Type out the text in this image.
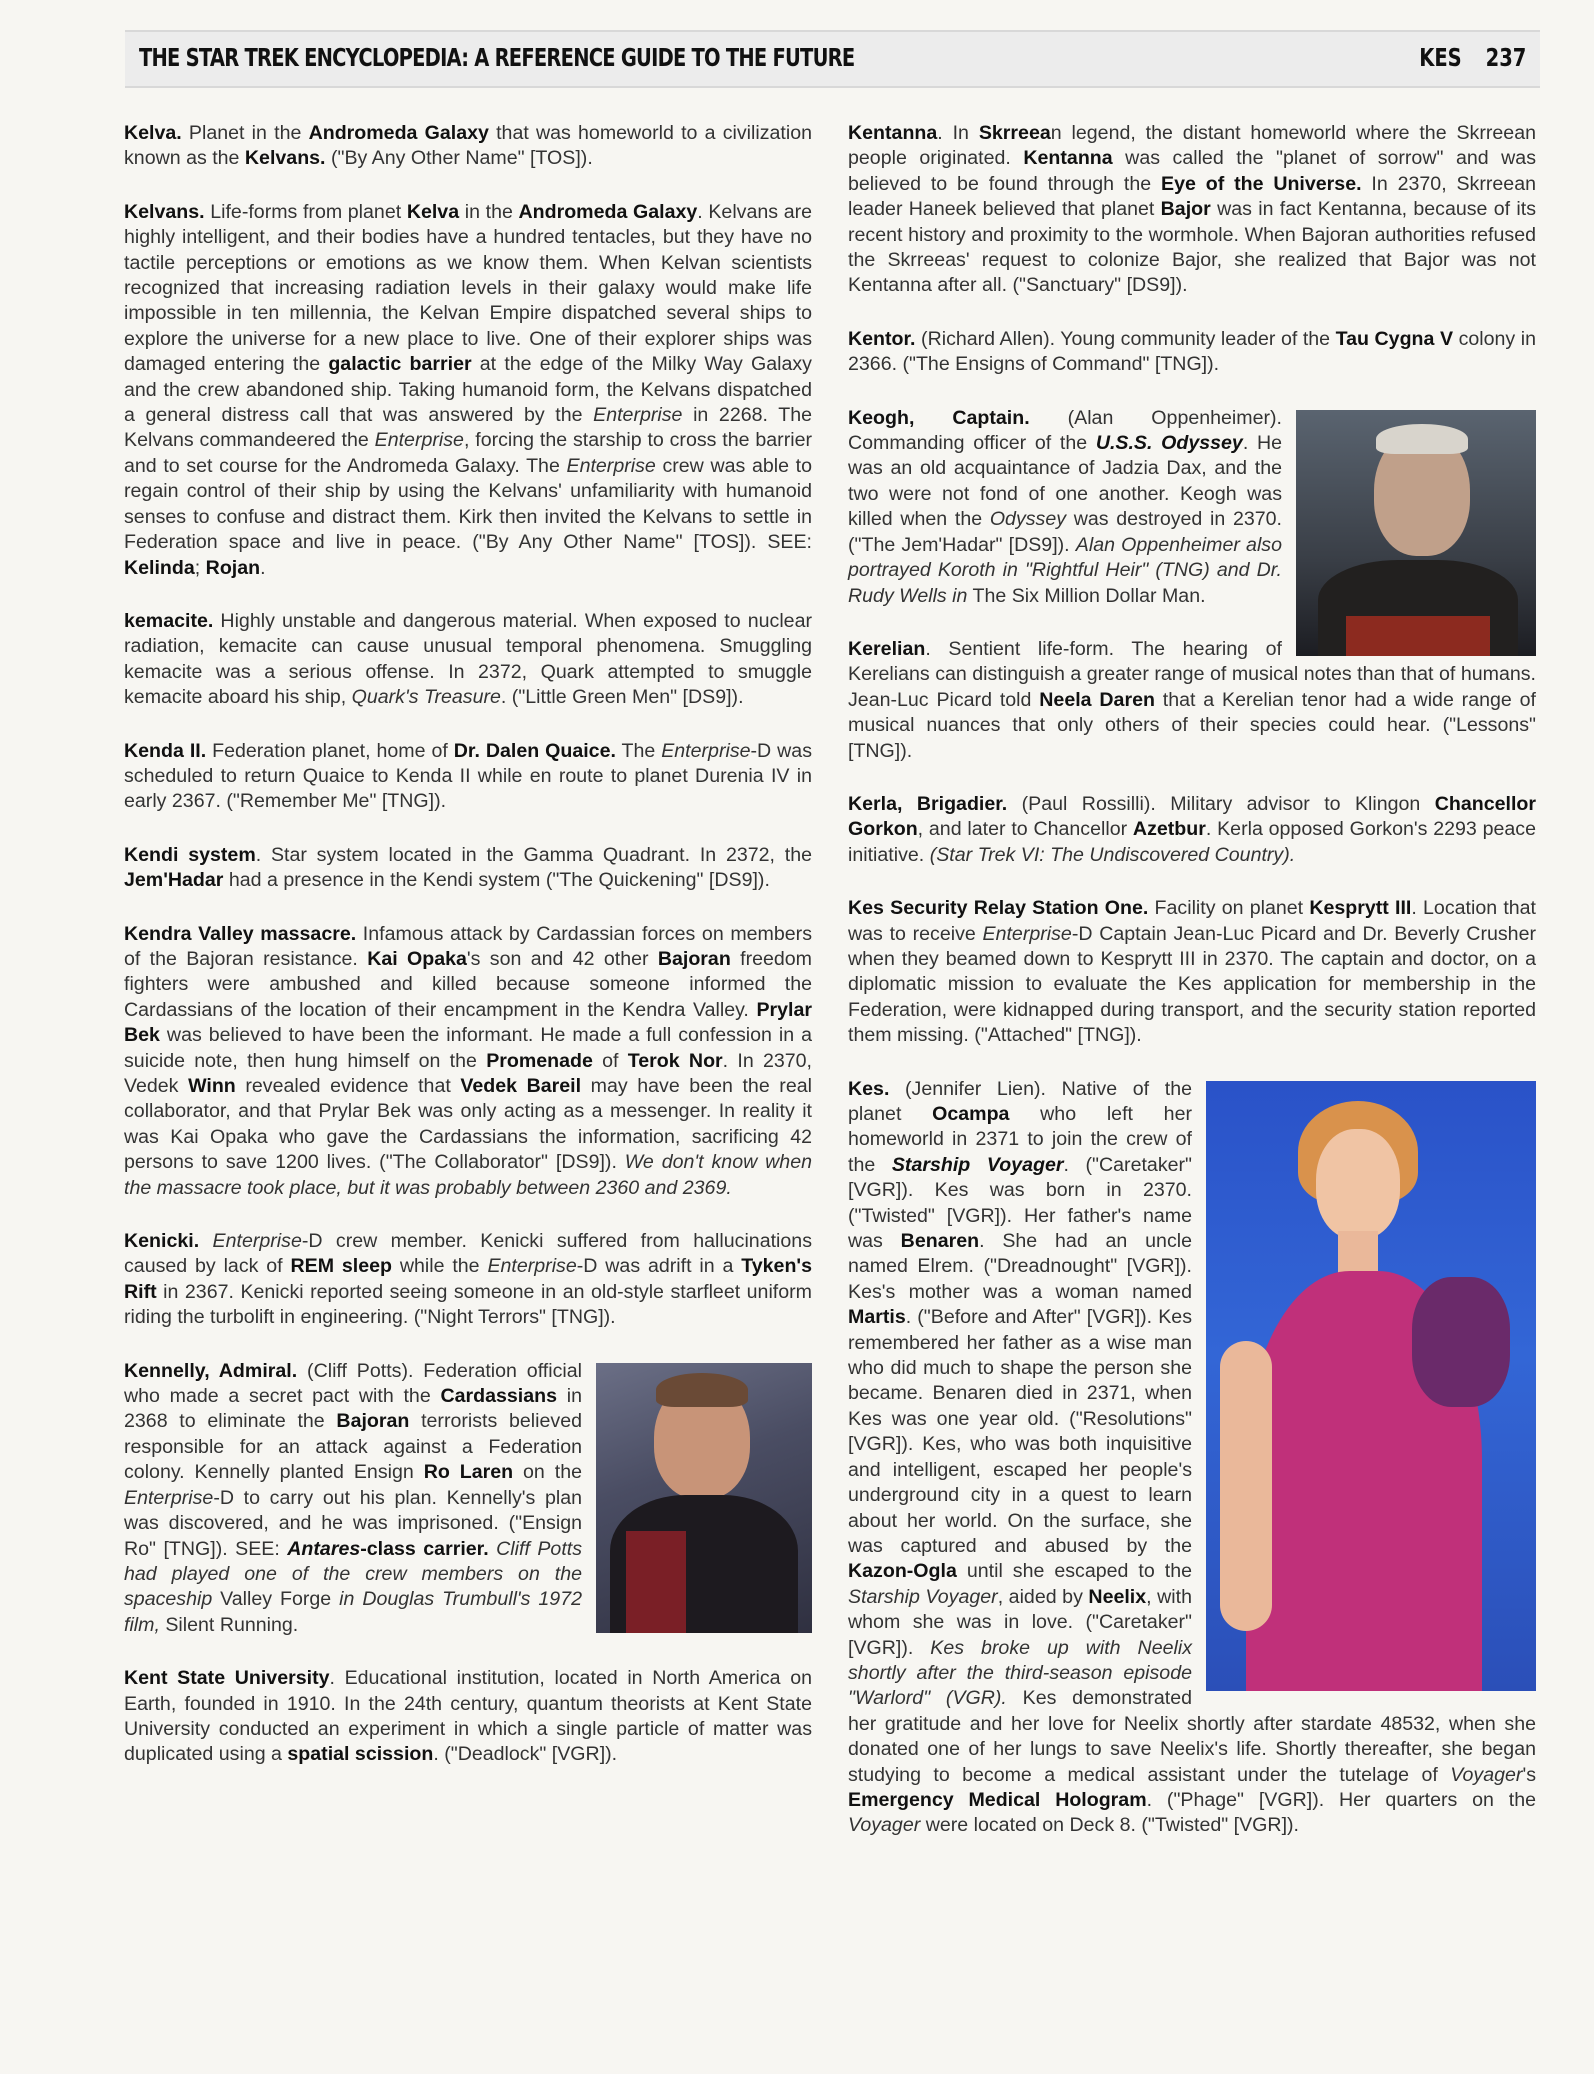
THE STAR TREK ENCYCLOPEDIA: A REFERENCE GUIDE TO THE FUTURE	KES 237

Kelva. Planet in the Andromeda Galaxy that was homeworld to a civilization known as the Kelvans. ("By Any Other Name" [TOS]).

Kelvans. Life-forms from planet Kelva in the Andromeda Galaxy. Kelvans are highly intelligent, and their bodies have a hundred tentacles, but they have no tactile perceptions or emotions as we know them. When Kelvan scientists recognized that increasing radiation levels in their galaxy would make life impossible in ten millennia, the Kelvan Empire dispatched several ships to explore the universe for a new place to live. One of their explorer ships was damaged entering the galactic barrier at the edge of the Milky Way Galaxy and the crew abandoned ship. Taking humanoid form, the Kelvans dispatched a general distress call that was answered by the Enterprise in 2268. The Kelvans commandeered the Enterprise, forcing the starship to cross the barrier and to set course for the Andromeda Galaxy. The Enterprise crew was able to regain control of their ship by using the Kelvans' unfamiliarity with humanoid senses to confuse and distract them. Kirk then invited the Kelvans to settle in Federation space and live in peace. ("By Any Other Name" [TOS]). SEE: Kelinda; Rojan.

kemacite. Highly unstable and dangerous material. When exposed to nuclear radiation, kemacite can cause unusual temporal phenomena. Smuggling kemacite was a serious offense. In 2372, Quark attempted to smuggle kemacite aboard his ship, Quark's Treasure. ("Little Green Men" [DS9]).

Kenda II. Federation planet, home of Dr. Dalen Quaice. The Enterprise-D was scheduled to return Quaice to Kenda II while en route to planet Durenia IV in early 2367. ("Remember Me" [TNG]).

Kendi system. Star system located in the Gamma Quadrant. In 2372, the Jem'Hadar had a presence in the Kendi system ("The Quickening" [DS9]).

Kendra Valley massacre. Infamous attack by Cardassian forces on members of the Bajoran resistance. Kai Opaka's son and 42 other Bajoran freedom fighters were ambushed and killed because someone informed the Cardassians of the location of their encampment in the Kendra Valley. Prylar Bek was believed to have been the informant. He made a full confession in a suicide note, then hung himself on the Promenade of Terok Nor. In 2370, Vedek Winn revealed evidence that Vedek Bareil may have been the real collaborator, and that Prylar Bek was only acting as a messenger. In reality it was Kai Opaka who gave the Cardassians the information, sacrificing 42 persons to save 1200 lives. ("The Collaborator" [DS9]). We don't know when the massacre took place, but it was probably between 2360 and 2369.

Kenicki. Enterprise-D crew member. Kenicki suffered from hallucinations caused by lack of REM sleep while the Enterprise-D was adrift in a Tyken's Rift in 2367. Kenicki reported seeing someone in an old-style starfleet uniform riding the turbolift in engineering. ("Night Terrors" [TNG]).

Kennelly, Admiral. (Cliff Potts). Federation official who made a secret pact with the Cardassians in 2368 to eliminate the Bajoran terrorists believed responsible for an attack against a Federation colony. Kennelly planted Ensign Ro Laren on the Enterprise-D to carry out his plan. Kennelly's plan was discovered, and he was imprisoned. ("Ensign Ro" [TNG]). SEE: Antares-class carrier. Cliff Potts had played one of the crew members on the spaceship Valley Forge in Douglas Trumbull's 1972 film, Silent Running.

Kent State University. Educational institution, located in North America on Earth, founded in 1910. In the 24th century, quantum theorists at Kent State University conducted an experiment in which a single particle of matter was duplicated using a spatial scission. ("Deadlock" [VGR]).

Kentanna. In Skrreean legend, the distant homeworld where the Skrreean people originated. Kentanna was called the "planet of sorrow" and was believed to be found through the Eye of the Universe. In 2370, Skrreean leader Haneek believed that planet Bajor was in fact Kentanna, because of its recent history and proximity to the wormhole. When Bajoran authorities refused the Skrreeas' request to colonize Bajor, she realized that Bajor was not Kentanna after all. ("Sanctuary" [DS9]).

Kentor. (Richard Allen). Young community leader of the Tau Cygna V colony in 2366. ("The Ensigns of Command" [TNG]).

Keogh, Captain. (Alan Oppenheimer). Commanding officer of the U.S.S. Odyssey. He was an old acquaintance of Jadzia Dax, and the two were not fond of one another. Keogh was killed when the Odyssey was destroyed in 2370. ("The Jem'Hadar" [DS9]). Alan Oppenheimer also portrayed Koroth in "Rightful Heir" (TNG) and Dr. Rudy Wells in The Six Million Dollar Man.

Kerelian. Sentient life-form. The hearing of Kerelians can distinguish a greater range of musical notes than that of humans. Jean-Luc Picard told Neela Daren that a Kerelian tenor had a wide range of musical nuances that only others of their species could hear. ("Lessons" [TNG]).

Kerla, Brigadier. (Paul Rossilli). Military advisor to Klingon Chancellor Gorkon, and later to Chancellor Azetbur. Kerla opposed Gorkon's 2293 peace initiative. (Star Trek VI: The Undiscovered Country).

Kes Security Relay Station One. Facility on planet Kesprytt III. Location that was to receive Enterprise-D Captain Jean-Luc Picard and Dr. Beverly Crusher when they beamed down to Kesprytt III in 2370. The captain and doctor, on a diplomatic mission to evaluate the Kes application for membership in the Federation, were kidnapped during transport, and the security station reported them missing. ("Attached" [TNG]).

Kes. (Jennifer Lien). Native of the planet Ocampa who left her homeworld in 2371 to join the crew of the Starship Voyager. ("Caretaker" [VGR]). Kes was born in 2370. ("Twisted" [VGR]). Her father's name was Benaren. She had an uncle named Elrem. ("Dreadnought" [VGR]). Kes's mother was a woman named Martis. ("Before and After" [VGR]). Kes remembered her father as a wise man who did much to shape the person she became. Benaren died in 2371, when Kes was one year old. ("Resolutions" [VGR]). Kes, who was both inquisitive and intelligent, escaped her people's underground city in a quest to learn about her world. On the surface, she was captured and abused by the Kazon-Ogla until she escaped to the Starship Voyager, aided by Neelix, with whom she was in love. ("Caretaker" [VGR]). Kes broke up with Neelix shortly after the third-season episode "Warlord" (VGR). Kes demonstrated her gratitude and her love for Neelix shortly after stardate 48532, when she donated one of her lungs to save Neelix's life. Shortly thereafter, she began studying to become a medical assistant under the tutelage of Voyager's Emergency Medical Hologram. ("Phage" [VGR]). Her quarters on the Voyager were located on Deck 8. ("Twisted" [VGR]).
